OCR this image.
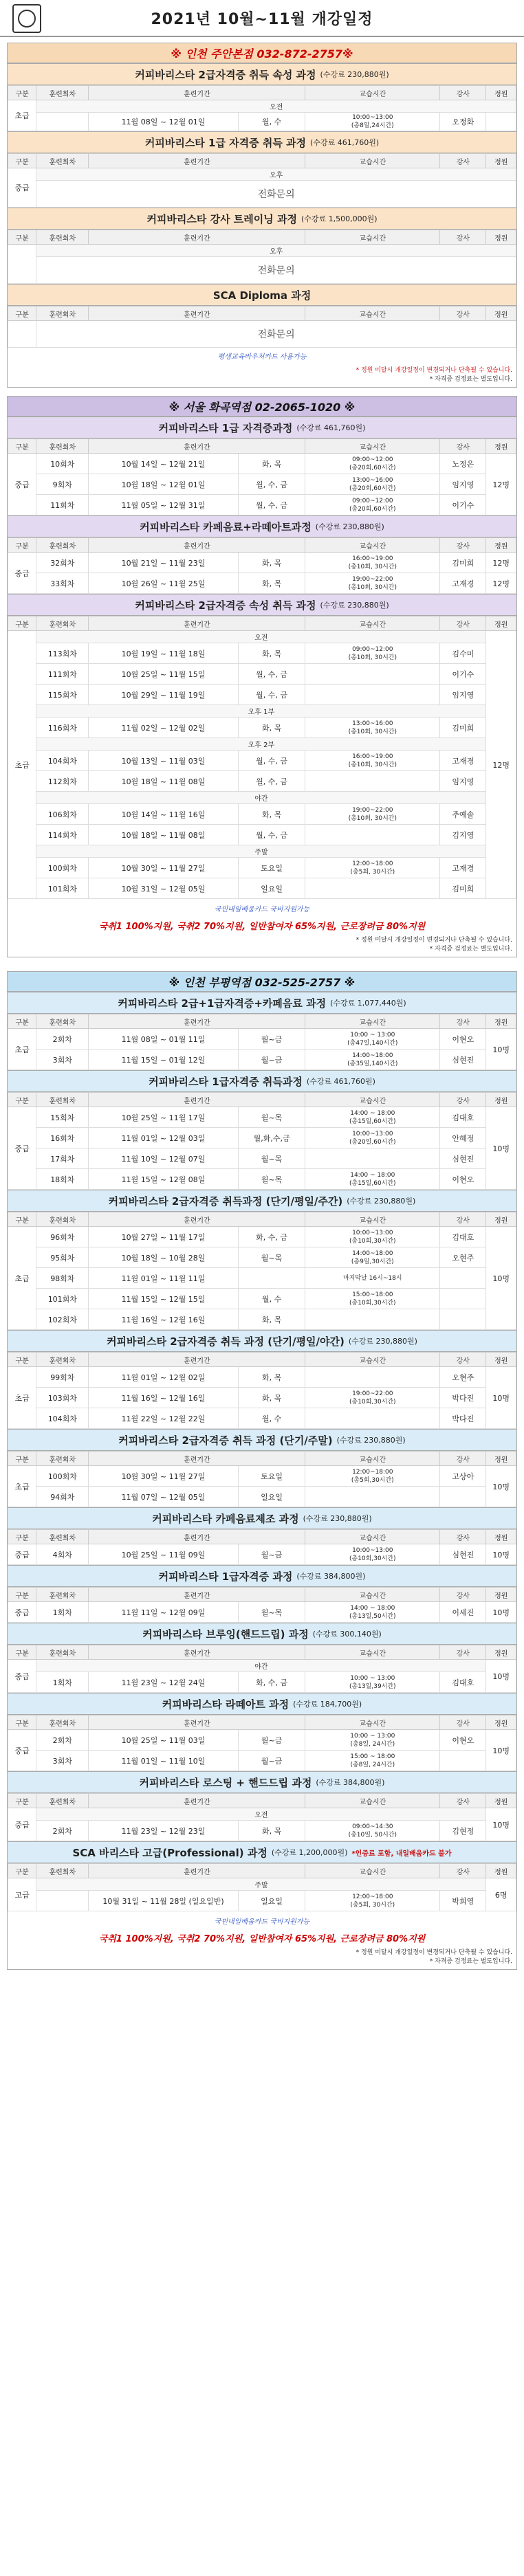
2021년 10월~11월 개강일정
※ 인천 주안본점 032-872-2757※
커피바리스타 2급자격증 취득 속성 과정 (수강료 230,880원)
구분	훈련회차	훈련기간		교습시간	강사	정원
초급	오전					
		11월 08일 ~ 12월 01일	월, 수	10:00~13:00
(총8일,24시간)	오정화	
커피바리스타 1급 자격증 취득 과정 (수강료 461,760원)
구분	훈련회차	훈련기간	교습시간	강사	정원
중급	오후				
	전화문의				
커피바리스타 강사 트레이닝 과정 (수강료 1,500,000원)
구분	훈련회차	훈련기간	교습시간	강사	정원
	오후				
	전화문의				
SCA Diploma 과정
구분	훈련회차	훈련기간	교습시간	강사	정원
	전화문의				
평생교육바우처카드 사용가능
* 정원 미달시 개강일정이 변경되거나 단축될 수 있습니다.
* 자격증 검정료는 별도입니다.
※ 서울 화곡역점 02-2065-1020 ※
커피바리스타 1급 자격증과정 (수강료 461,760원)
구분	훈련회차	훈련기간		교습시간	강사	정원
중급	10회차	10월 14일 ~ 12월 21일	화, 목	09:00~12:00
(총20회,60시간)	노정은	12명
	9회차	10월 18일 ~ 12월 01일	월, 수, 금	13:00~16:00
(총20회,60시간)	임지영	
	11회차	11월 05일 ~ 12월 31일	월, 수, 금	09:00~12:00
(총20회,60시간)	이기수	
커피바리스타 카페음료+라떼아트과정 (수강료 230,880원)
구분	훈련회차	훈련기간		교습시간	강사	정원
중급	32회차	10월 21일 ~ 11월 23일	화, 목	16:00~19:00
(총10회, 30시간)	김미희	12명
	33회차	10월 26일 ~ 11월 25일	화, 목	19:00~22:00
(총10회, 30시간)	고재경	12명
커피바리스타 2급자격증 속성 취득 과정 (수강료 230,880원)
구분	훈련회차	훈련기간		교습시간	강사	정원
초급	오전					12명
	113회차	10월 19일 ~ 11월 18일	화, 목	09:00~12:00
(총10회, 30시간)	김수미	
	111회차	10월 25일 ~ 11월 15일	월, 수, 금		이기수	
	115회차	10월 29일 ~ 11월 19일	월, 수, 금		임지영	
	오후 1부					
	116회차	11월 02일 ~ 12월 02일	화, 목	13:00~16:00
(총10회, 30시간)	김미희	
	오후 2부					
	104회차	10월 13일 ~ 11월 03일	월, 수, 금	16:00~19:00
(총10회, 30시간)	고재경	
	112회차	10월 18일 ~ 11월 08일	월, 수, 금		임지영	
	야간					
	106회차	10월 14일 ~ 11월 16일	화, 목	19:00~22:00
(총10회, 30시간)	주예솔	
	114회차	10월 18일 ~ 11월 08일	월, 수, 금		김지영	
	주말					
	100회차	10월 30일 ~ 11월 27일	토요일	12:00~18:00
(총5회, 30시간)	고재경	
	101회차	10월 31일 ~ 12월 05일	일요일		김미희	
국민내일배움카드 국비지원가능
국취1 100%지원, 국취2 70%지원, 일반참여자 65%지원, 근로장려금 80%지원
* 정원 미달시 개강일정이 변경되거나 단축될 수 있습니다.
* 자격증 검정료는 별도입니다.
※ 인천 부평역점 032-525-2757 ※
커피바리스타 2급+1급자격증+카페음료 과정 (수강료 1,077,440원)
구분	훈련회차	훈련기간		교습시간	강사	정원
초급	2회차	11월 08일 ~ 01월 11일	월~금	10:00 ~ 13:00
(총47일,140시간)	이현오	10명
	3회차	11월 15일 ~ 01월 12일	월~금	14:00~18:00
(총35일,140시간)	심현진	
커피바리스타 1급자격증 취득과정 (수강료 461,760원)
구분	훈련회차	훈련기간		교습시간	강사	정원
중급	15회차	10월 25일 ~ 11월 17일	월~목	14:00 ~ 18:00
(총15일,60시간)	김대호	10명
	16회차	11월 01일 ~ 12월 03일	월,화,수,금	10:00~13:00
(총20일,60시간)	안혜정	
	17회차	11월 10일 ~ 12월 07일	월~목		심현진	
	18회차	11월 15일 ~ 12월 08일	월~목	14:00 ~ 18:00
(총15일,60시간)	이현오	
커피바리스타 2급자격증 취득과정 (단기/평일/주간) (수강료 230,880원)
구분	훈련회차	훈련기간		교습시간	강사	정원
초급	96회차	10월 27일 ~ 11월 17일	화, 수, 금	10:00~13:00
(총10회,30시간)	김대호	10명
	95회차	10월 18일 ~ 10월 28일	월~목	14:00~18:00
(총9일,30시간)	오현주	
	98회차	11월 01일 ~ 11월 11일		마지막날 16시~18시		

	101회차	11월 15일 ~ 12월 15일	월, 수	15:00~18:00
(총10회,30시간)		

	102회차	11월 16일 ~ 12월 16일	화, 목		

커피바리스타 2급자격증 취득 과정 (단기/평일/야간) (수강료 230,880원)
구분	훈련회차	훈련기간		교습시간	강사	정원
초급	99회차	11월 01일 ~ 12월 02일	화, 목		오현주	10명
	103회차	11월 16일 ~ 12월 16일	화, 목	19:00~22:00
(총10회,30시간)	박다진	
	104회차	11월 22일 ~ 12월 22일	월, 수		박다진	
커피바리스타 2급자격증 취득 과정 (단기/주말) (수강료 230,880원)
구분	훈련회차	훈련기간		교습시간	강사	정원
초급	100회차	10월 30일 ~ 11월 27일	토요일	12:00~18:00
(총5회,30시간)	고상아	10명
	94회차	11월 07일 ~ 12월 05일	일요일		

커피바리스타 카페음료제조 과정 (수강료 230,880원)
구분	훈련회차	훈련기간		교습시간	강사	정원
중급	4회차	10월 25일 ~ 11월 09일	월~금	10:00~13:00
(총10회,30시간)	심현진	10명
커피바리스타 1급자격증 과정 (수강료 384,800원)
구분	훈련회차	훈련기간		교습시간	강사	정원
중급	1회차	11월 11일 ~ 12월 09일	월~목	14:00 ~ 18:00
(총13일,50시간)	이세진	10명
커피바리스타 브루잉(핸드드립) 과정 (수강료 300,140원)
구분	훈련회차	훈련기간		교습시간	강사	정원
중급	야간					10명
	1회차	11월 23일 ~ 12월 24일	화, 수, 금	10:00 ~ 13:00
(총13일,39시간)	김대호	
커피바리스타 라떼아트 과정 (수강료 184,700원)
구분	훈련회차	훈련기간		교습시간	강사	정원
중급	2회차	10월 25일 ~ 11월 03일	월~금	10:00 ~ 13:00
(총8일, 24시간)	이현오	10명
	3회차	11월 01일 ~ 11월 10일	월~금	15:00 ~ 18:00
(총8일, 24시간)		

커피바리스타 로스팅 + 핸드드립 과정 (수강료 384,800원)
구분	훈련회차	훈련기간		교습시간	강사	정원
중급	오전					10명
	2회차	11월 23일 ~ 12월 23일	화, 목	09:00~14:30
(총10일, 50시간)	김현정	
SCA 바리스타 고급(Professional) 과정 (수강료 1,200,000원) *인증료 포함, 내일배움카드 불가
구분	훈련회차	훈련기간		교습시간	강사	정원
고급	주말					6명
		10월 31일 ~ 11월 28일 (일요일반)	일요일	12:00~18:00
(총5회, 30시간)	박희영	
국민내일배움카드 국비지원가능
국취1 100%지원, 국취2 70%지원, 일반참여자 65%지원, 근로장려금 80%지원
* 정원 미달시 개강일정이 변경되거나 단축될 수 있습니다.
* 자격증 검정료는 별도입니다.
